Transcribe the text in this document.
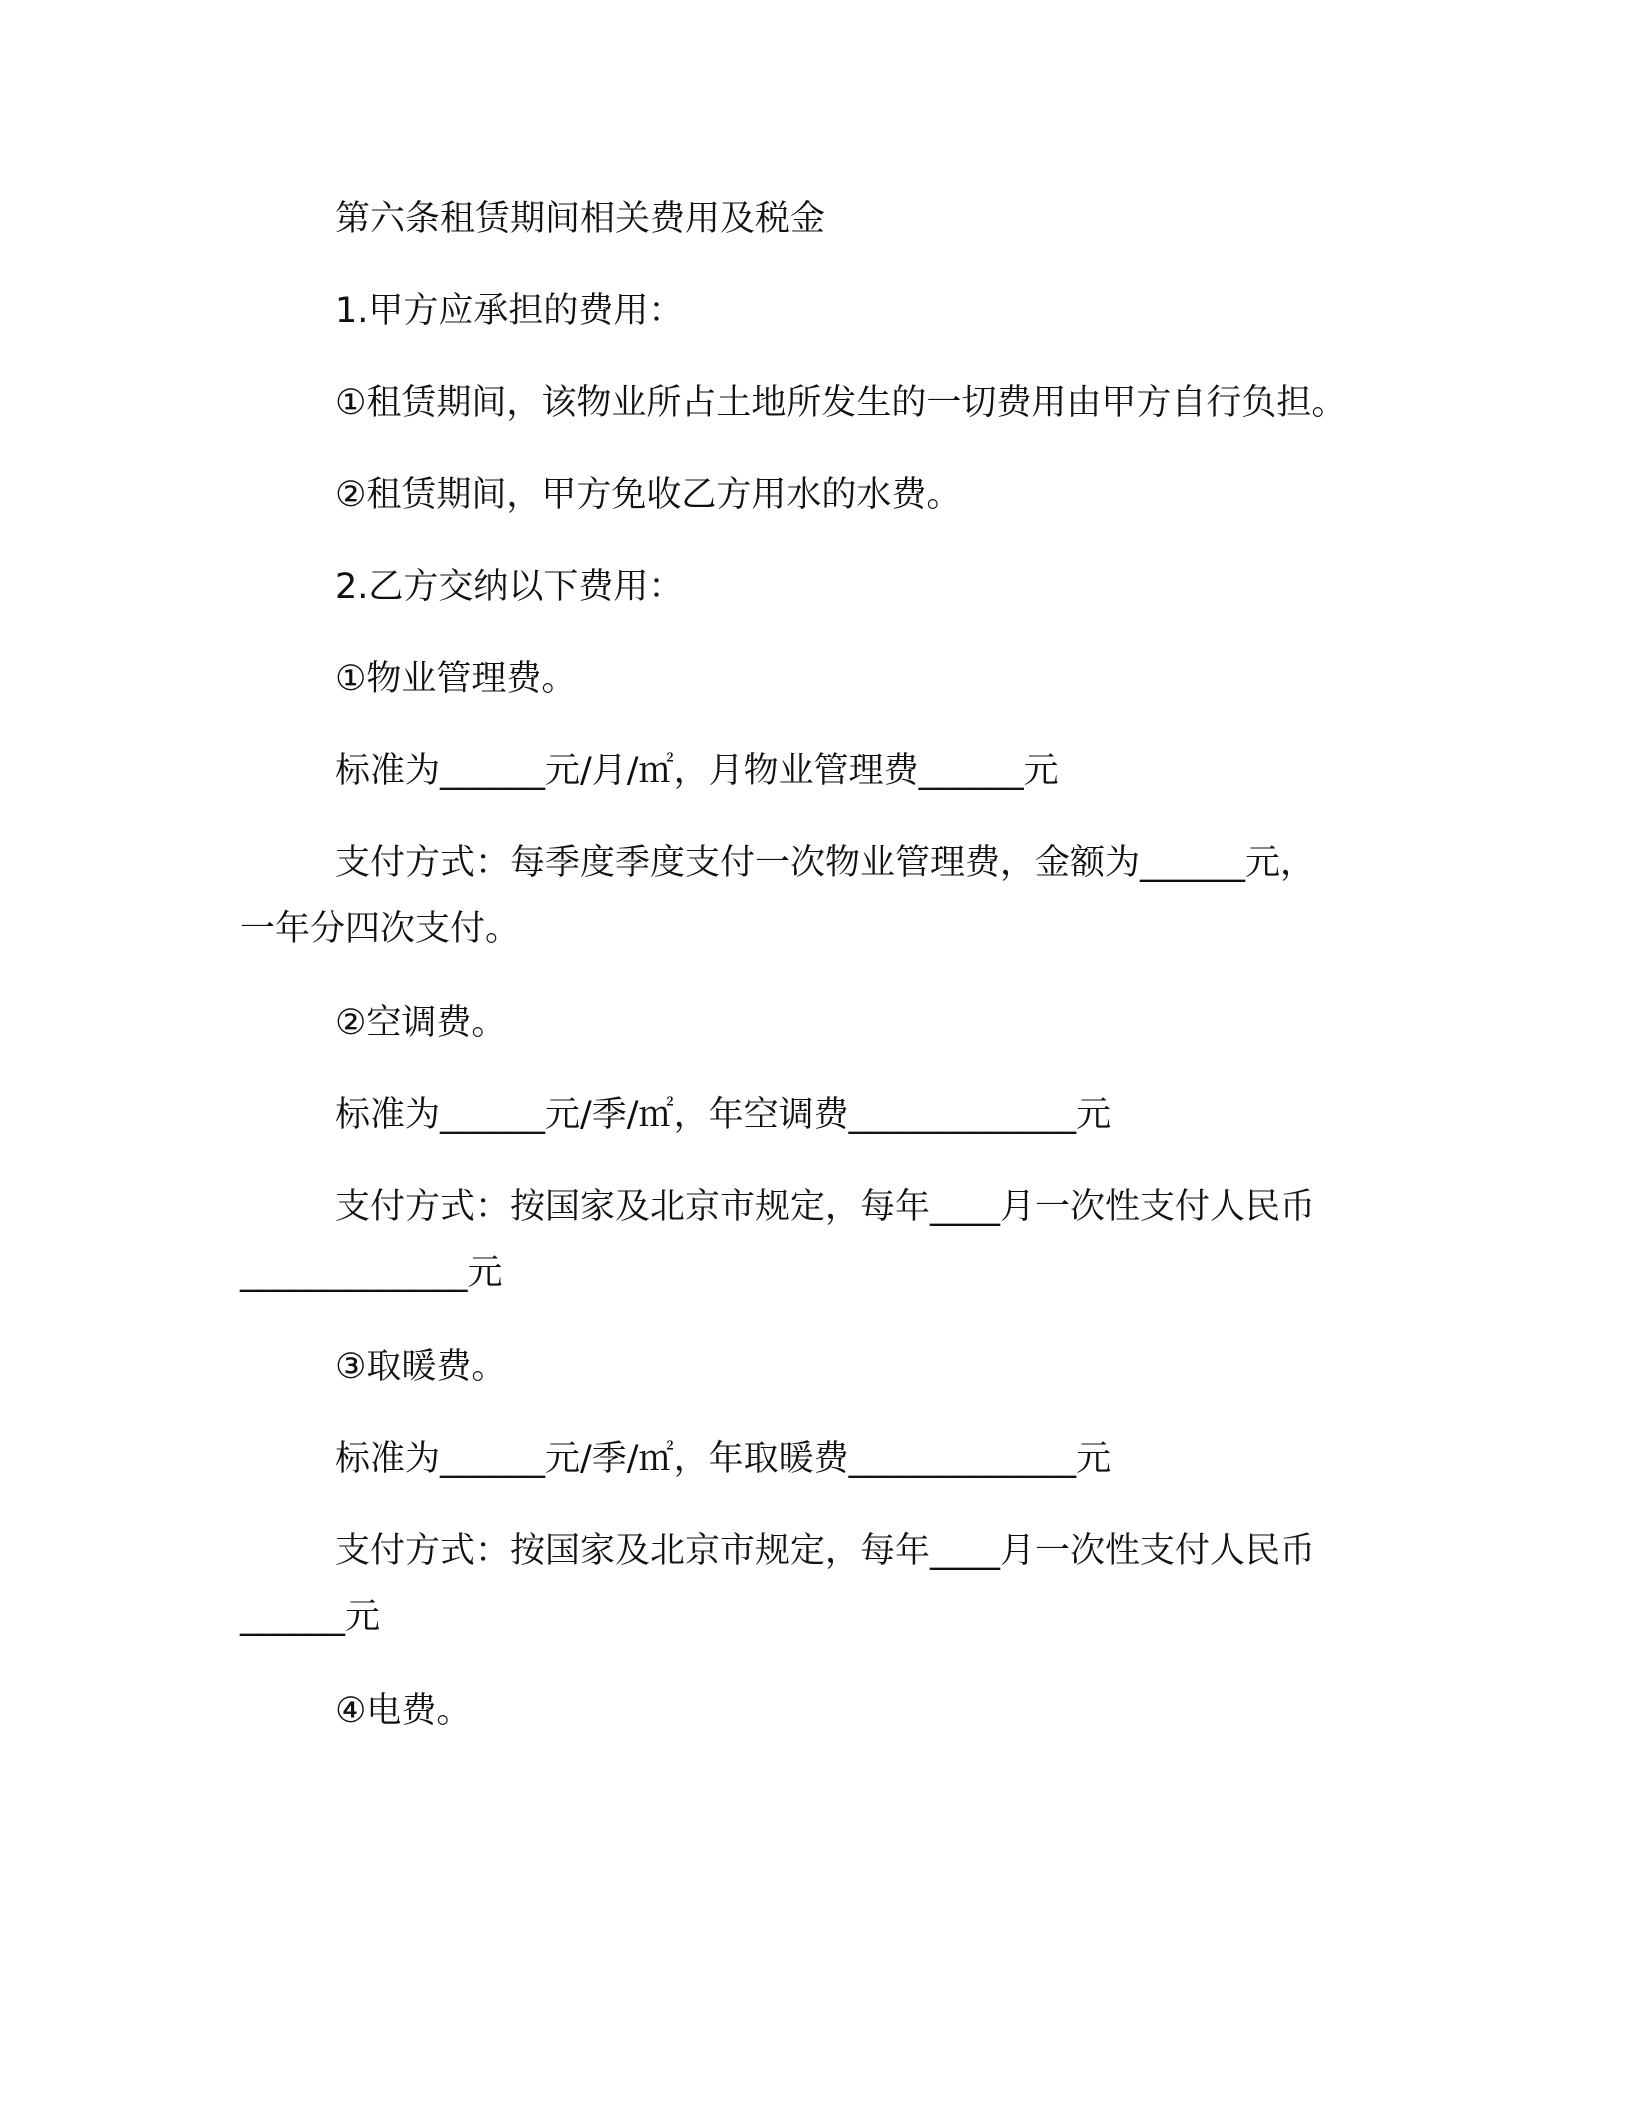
第六条租赁期间相关费用及税金

1.甲方应承担的费用：

①租赁期间，该物业所占土地所发生的一切费用由甲方自行负担。

②租赁期间，甲方免收乙方用水的水费。

2.乙方交纳以下费用：

①物业管理费。

标准为______元/月/㎡，月物业管理费______元

支付方式：每季度季度支付一次物业管理费，金额为______元，

一年分四次支付。

②空调费。

标准为______元/季/㎡，年空调费_____________元

支付方式：按国家及北京市规定，每年____月一次性支付人民币

_____________元

③取暖费。

标准为______元/季/㎡，年取暖费_____________元

支付方式：按国家及北京市规定，每年____月一次性支付人民币

______元

④电费。
